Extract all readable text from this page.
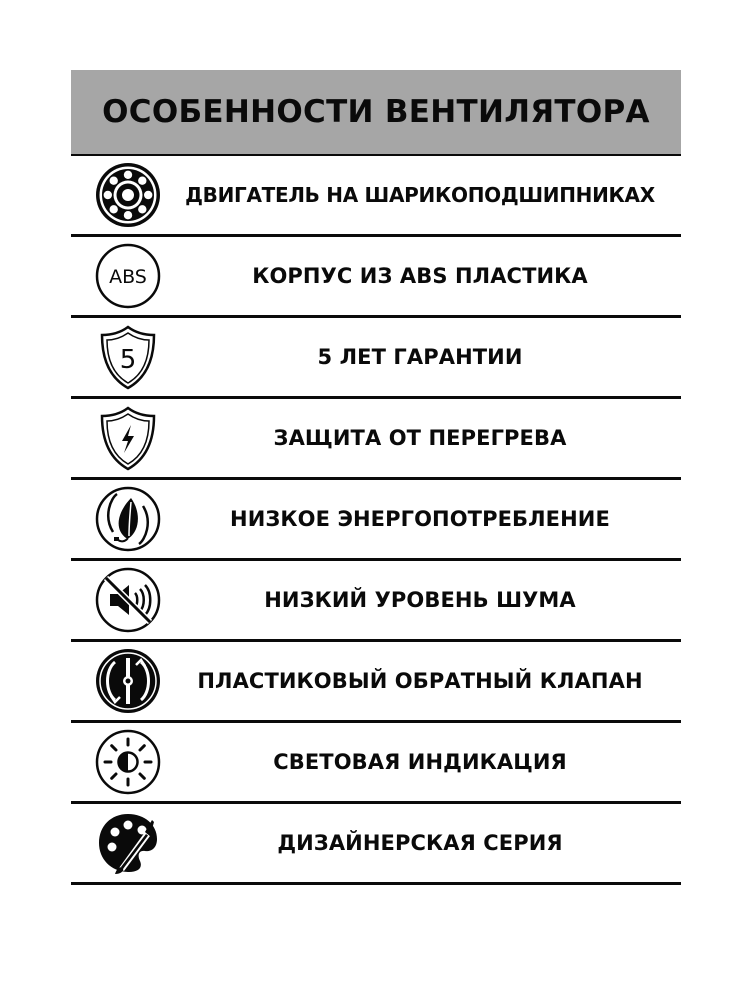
ОСОБЕННОСТИ ВЕНТИЛЯТОРА
ДВИГАТЕЛЬ НА ШАРИКОПОДШИПНИКАХ
ABS	КОРПУС ИЗ ABS ПЛАСТИКА
5	5 ЛЕТ ГАРАНТИИ
ЗАЩИТА ОТ ПЕРЕГРЕВА
НИЗКОЕ ЭНЕРГОПОТРЕБЛЕНИЕ
НИЗКИЙ УРОВЕНЬ ШУМА
ПЛАСТИКОВЫЙ ОБРАТНЫЙ КЛАПАН
СВЕТОВАЯ ИНДИКАЦИЯ
ДИЗАЙНЕРСКАЯ СЕРИЯ
